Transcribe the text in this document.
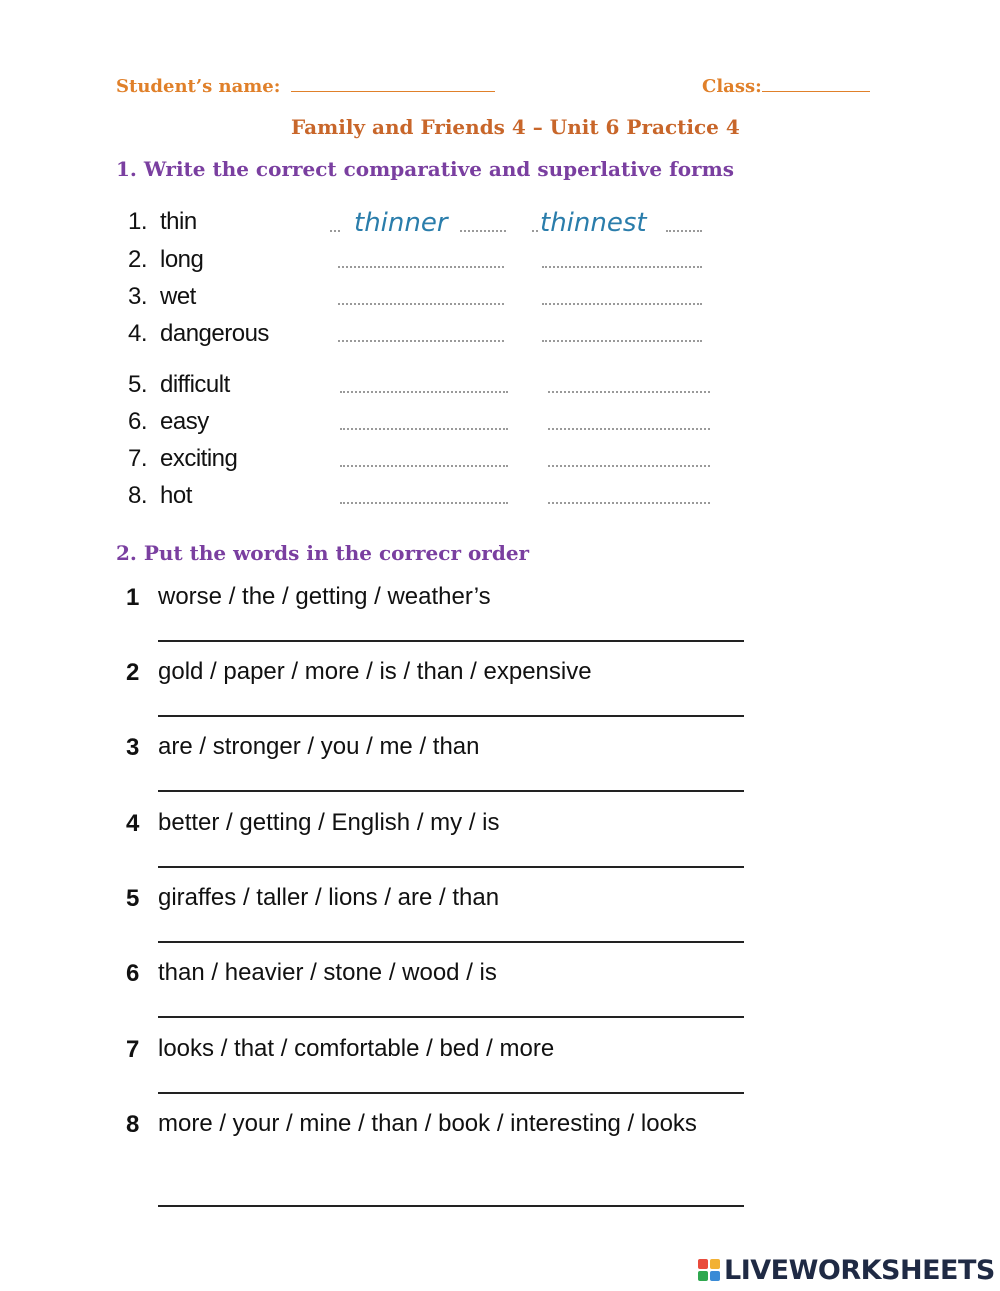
Student’s name:	Class:
Family and Friends 4 – Unit 6 Practice 4
1. Write the correct comparative and superlative forms
1. thin	thinner	thinnest
2. long
3. wet
4. dangerous
5. difficult
6. easy
7. exciting
8. hot
2. Put the words in the correcr order
1 worse / the / getting / weather’s
2 gold / paper / more / is / than / expensive
3 are / stronger / you / me / than
4 better / getting / English / my / is
5 giraffes / taller / lions / are / than
6 than / heavier / stone / wood / is
7 looks / that / comfortable / bed / more
8 more / your / mine / than / book / interesting / looks
LIVEWORKSHEETS
